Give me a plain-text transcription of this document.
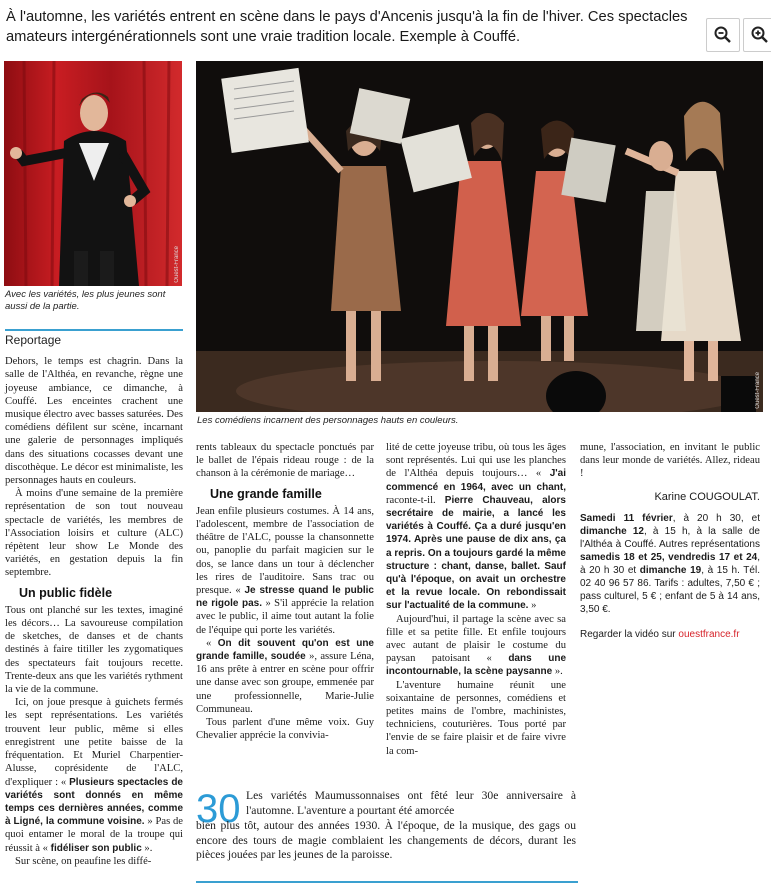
À l'automne, les variétés entrent en scène dans le pays d'Ancenis jusqu'à la fin de l'hiver. Ces spectacles amateurs intergénérationnels sont une vraie tradition locale. Exemple à Couffé.
Ouest-France
Avec les variétés, les plus jeunes sont aussi de la partie.
Ouest-France
Les comédiens incarnent des personnages hauts en couleurs.
Reportage

Dehors, le temps est chagrin. Dans la salle de l'Althéa, en revanche, règne une joyeuse ambiance, ce dimanche, à Couffé. Les enceintes crachent une musique électro avec basses saturées. Des comédiens défilent sur scène, incarnant une galerie de personnages impliqués dans des situations cocasses devant une discothèque. Le décor est minimaliste, les personnages hauts en couleurs.

À moins d'une semaine de la première représentation de son tout nouveau spectacle de variétés, les membres de l'Association loisirs et culture (ALC) répètent leur show Le Monde des variétés, en gestation depuis la fin septembre.

Un public fidèle

Tous ont planché sur les textes, imaginé les décors… La savoureuse compilation de sketches, de danses et de chants destinés à faire titiller les zygomatiques des spectateurs fait toujours recette. Trente-deux ans que les variétés rythment la vie de la commune.

Ici, on joue presque à guichets fermés les sept représentations. Les variétés trouvent leur public, même si elles enregistrent une petite baisse de la fréquentation. Et Muriel Charpentier-Alusse, coprésidente de l'ALC, d'expliquer : « Plusieurs spectacles de variétés sont donnés en même temps ces dernières années, comme à Ligné, la commune voisine. » Pas de quoi entamer le moral de la troupe qui réussit à « fidéliser son public ».

Sur scène, on peaufine les diffé-

rents tableaux du spectacle ponctués par le ballet de l'épais rideau rouge : de la chanson à la cérémonie de mariage…

Une grande famille

Jean enfile plusieurs costumes. À 14 ans, l'adolescent, membre de l'association de théâtre de l'ALC, pousse la chansonnette ou, panoplie du parfait magicien sur le dos, se lance dans un tour à déclencher les rires de l'auditoire. Sans trac ou presque. « Je stresse quand le public ne rigole pas. » S'il apprécie la relation avec le public, il aime tout autant la folie de l'équipe qui porte les variétés.

« On dit souvent qu'on est une grande famille, soudée », assure Léna, 16 ans prête à entrer en scène pour offrir une danse avec son groupe, emmenée par une professionnelle, Marie-Julie Communeau.

Tous parlent d'une même voix. Guy Chevalier apprécie la convivia-

lité de cette joyeuse tribu, où tous les âges sont représentés. Lui qui use les planches de l'Althéa depuis toujours… « J'ai commencé en 1964, avec un chant, raconte-t-il. Pierre Chauveau, alors secrétaire de mairie, a lancé les variétés à Couffé. Ça a duré jusqu'en 1974. Après une pause de dix ans, ça a repris. On a toujours gardé la même structure : chant, danse, ballet. Sauf qu'à l'époque, on avait un orchestre et la revue locale. On rebondissait sur l'actualité de la commune. »

Aujourd'hui, il partage la scène avec sa fille et sa petite fille. Et enfile toujours avec autant de plaisir le costume du paysan patoisant « dans une incontournable, la scène paysanne ».

L'aventure humaine réunit une soixantaine de personnes, comédiens et petites mains de l'ombre, machinistes, techniciens, couturières. Tous porté par l'envie de se faire plaisir et de faire vivre la com-

mune, l'association, en invitant le public dans leur monde de variétés. Allez, rideau !

Karine COUGOULAT.
Samedi 11 février, à 20 h 30, et dimanche 12, à 15 h, à la salle de l'Althéa à Couffé. Autres représentations samedis 18 et 25, vendredis 17 et 24, à 20 h 30 et dimanche 19, à 15 h. Tél. 02 40 96 57 86. Tarifs : adultes, 7,50 € ; pass culturel, 5 € ; enfant de 5 à 14 ans, 3,50 €.
Regarder la vidéo sur ouestfrance.fr
30 Les variétés Maumussonnaises ont fêté leur 30e anniversaire à l'automne. L'aventure a pourtant été amorcée
bien plus tôt, autour des années 1930. À l'époque, de la musique, des gags ou encore des tours de magie comblaient les changements de décors, durant les pièces jouées par les jeunes de la paroisse.
